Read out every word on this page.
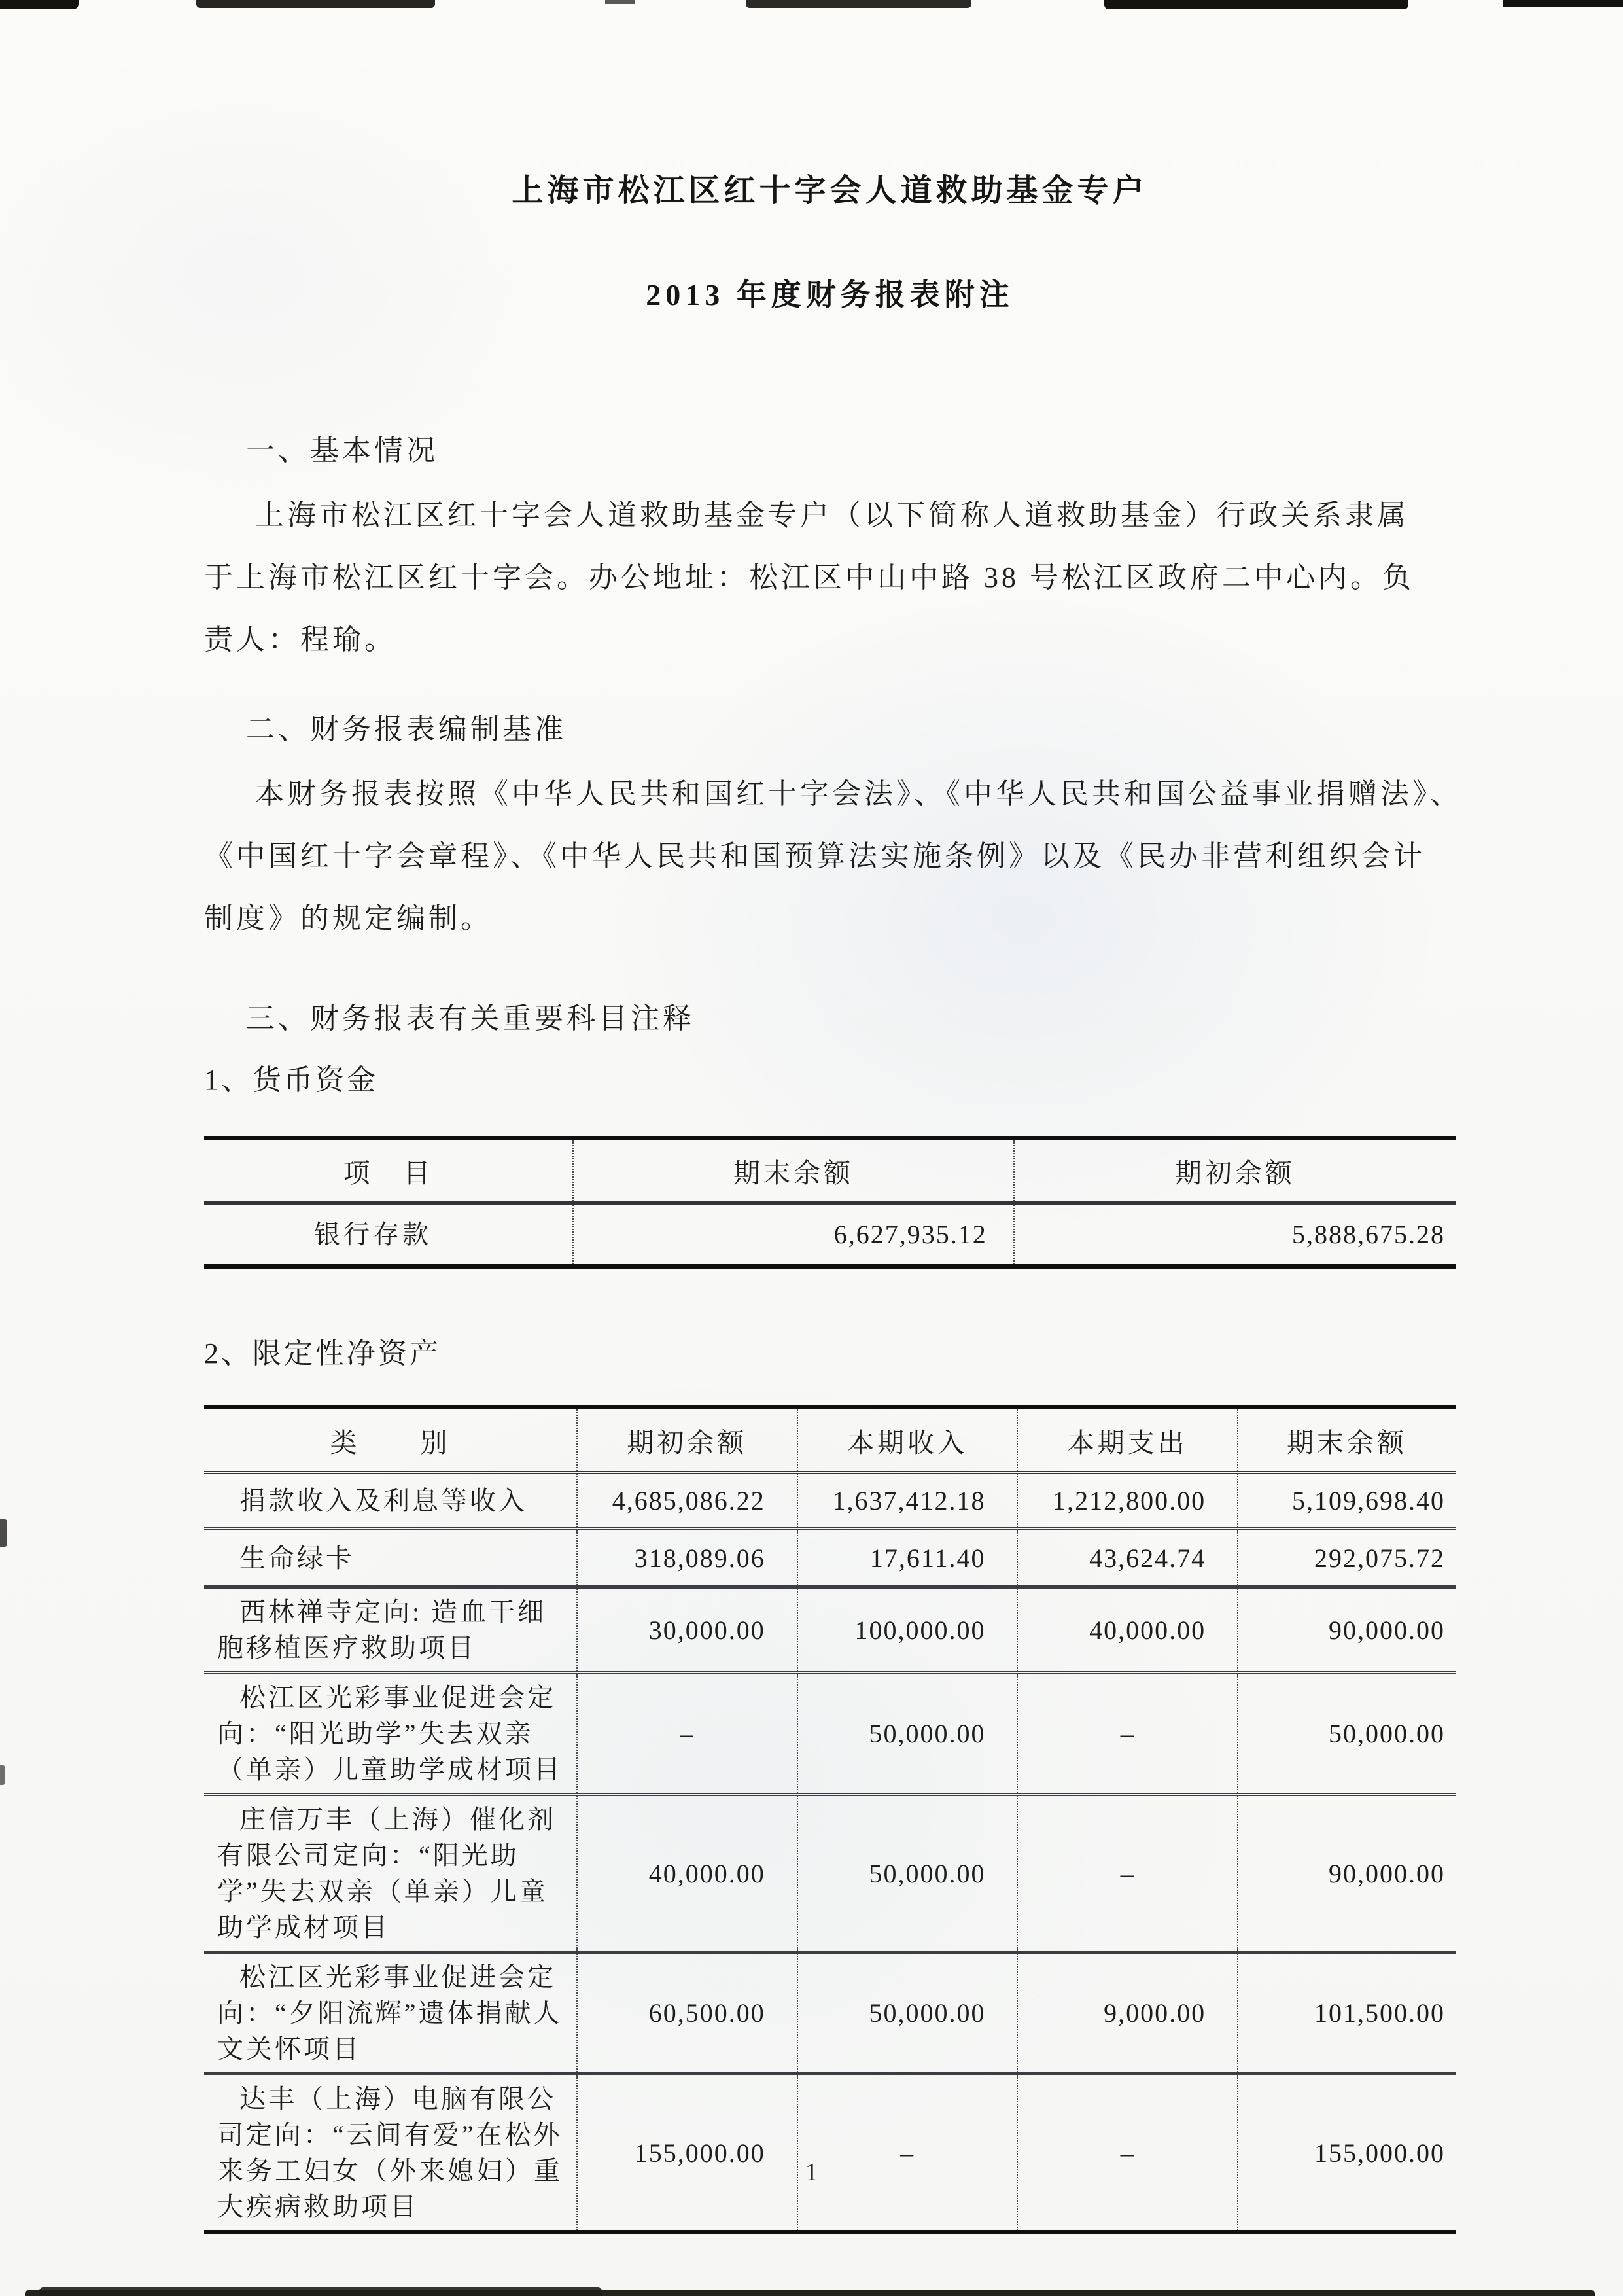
上海市松江区红十字会人道救助基金专户
2013 年度财务报表附注
一、基本情况
上海市松江区红十字会人道救助基金专户（以下简称人道救助基金）行政关系隶属
于上海市松江区红十字会。办公地址：松江区中山中路 38 号松江区政府二中心内。负
责人：程瑜。
二、财务报表编制基准
本财务报表按照《中华人民共和国红十字会法》、《中华人民共和国公益事业捐赠法》、
《中国红十字会章程》、《中华人民共和国预算法实施条例》以及《民办非营利组织会计
制度》的规定编制。
三、财务报表有关重要科目注释
1、货币资金
项　目	期末余额	期初余额
银行存款	6,627,935.12	5,888,675.28
2、限定性净资产
类　　别	期初余额	本期收入	本期支出	期末余额
捐款收入及利息等收入	4,685,086.22	1,637,412.18	1,212,800.00	5,109,698.40
生命绿卡	318,089.06	17,611.40	43,624.74	292,075.72
西林禅寺定向: 造血干细胞移植医疗救助项目	30,000.00	100,000.00	40,000.00	90,000.00
松江区光彩事业促进会定向：“阳光助学”失去双亲（单亲）儿童助学成材项目	–	50,000.00	–	50,000.00
庄信万丰（上海）催化剂有限公司定向：“阳光助学”失去双亲（单亲）儿童助学成材项目	40,000.00	50,000.00	–	90,000.00
松江区光彩事业促进会定向：“夕阳流辉”遗体捐献人文关怀项目	60,500.00	50,000.00	9,000.00	101,500.00
达丰（上海）电脑有限公司定向：“云间有爱”在松外来务工妇女（外来媳妇）重大疾病救助项目	155,000.00	–	–	155,000.00
1
